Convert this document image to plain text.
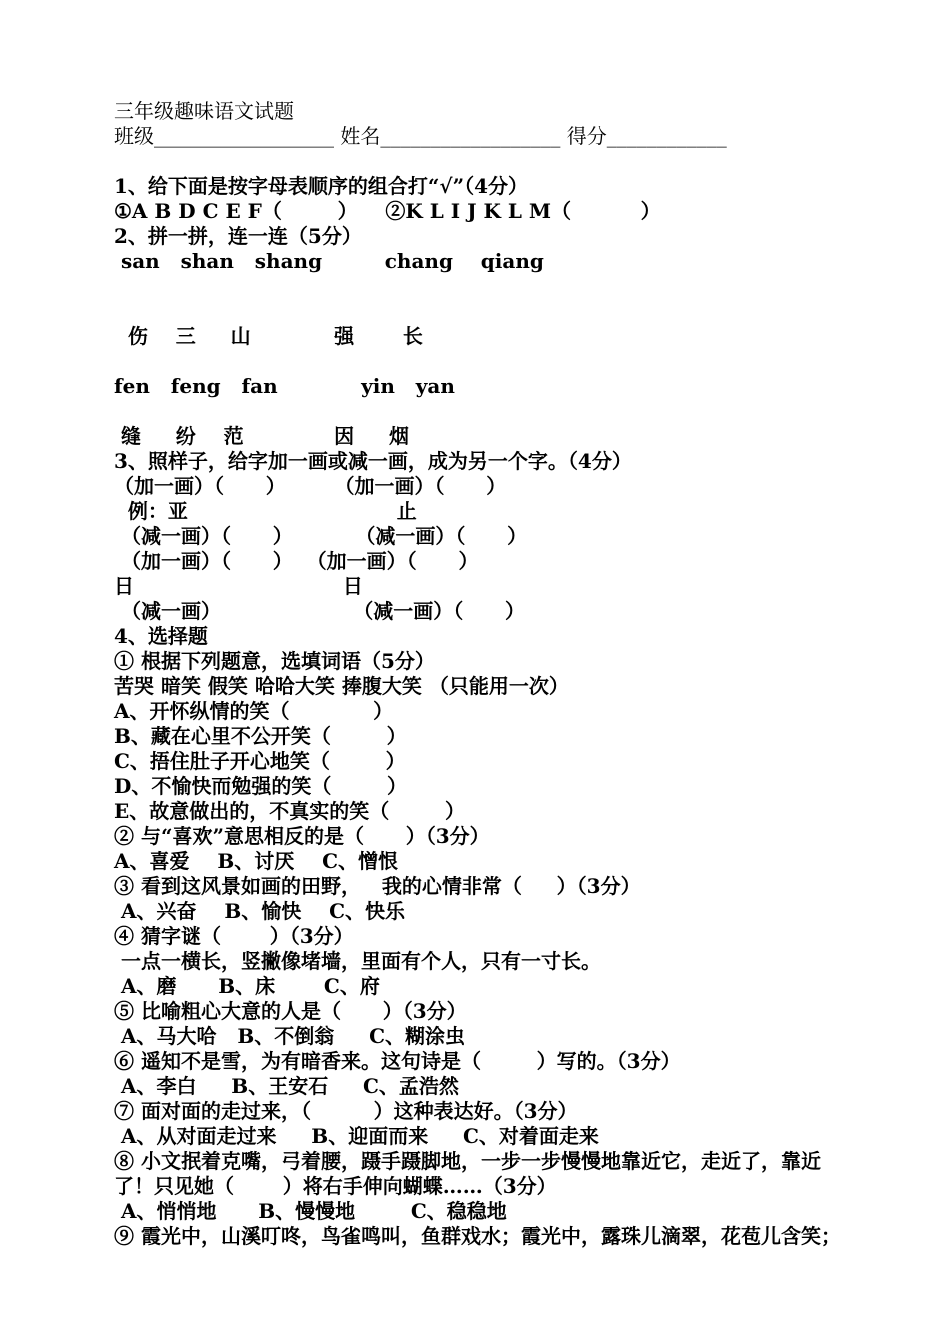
三年级趣味语文试题
班级__________________ 姓名__________________ 得分____________
1、给下面是按字母表顺序的组合打“√”（4分）
①A B D C E F（        ）    ②K L I J K L M（          ）
2、拼一拼，连一连（5分）
san   shan   shang         chang    qiang
伤    三     山            强       长
fen   feng   fan            yin   yan
缝     纷    范             因     烟
3、照样子，给字加一画或减一画，成为另一个字。（4分）
（加一画）（      ）       （加一画）（      ）
例：亚                              止
（减一画）（      ）         （减一画）（      ）
（加一画）（      ）  （加一画）（      ）
日                              日
（减一画）                   （减一画）（      ）
4、选择题
① 根据下列题意，选填词语（5分）
苦哭 暗笑 假笑 哈哈大笑 捧腹大笑 （只能用一次）
A、开怀纵情的笑（            ）
B、藏在心里不公开笑（        ）
C、捂住肚子开心地笑（        ）
D、不愉快而勉强的笑（        ）
E、故意做出的，不真实的笑（        ）
② 与“喜欢”意思相反的是（      ）（3分）
A、喜爱    B、讨厌    C、憎恨
③ 看到这风景如画的田野，   我的心情非常（     ）（3分）
A、兴奋    B、愉快    C、快乐
④ 猜字谜（       ）（3分）
一点一横长，竖撇像堵墙，里面有个人，只有一寸长。
A、磨      B、床       C、府
⑤ 比喻粗心大意的人是（      ）（3分）
A、马大哈   B、不倒翁     C、糊涂虫
⑥ 遥知不是雪，为有暗香来。这句诗是（        ）写的。（3分）
A、李白     B、王安石     C、孟浩然
⑦ 面对面的走过来，（         ）这种表达好。（3分）
A、从对面走过来     B、迎面而来     C、对着面走来
⑧ 小文抿着克嘴，弓着腰，蹑手蹑脚地，一步一步慢慢地靠近它，走近了，靠近
了！只见她（       ）将右手伸向蝴蝶……（3分）
A、悄悄地      B、慢慢地        C、稳稳地
⑨ 霞光中，山溪叮咚，鸟雀鸣叫，鱼群戏水；霞光中，露珠儿滴翠，花苞儿含笑；
